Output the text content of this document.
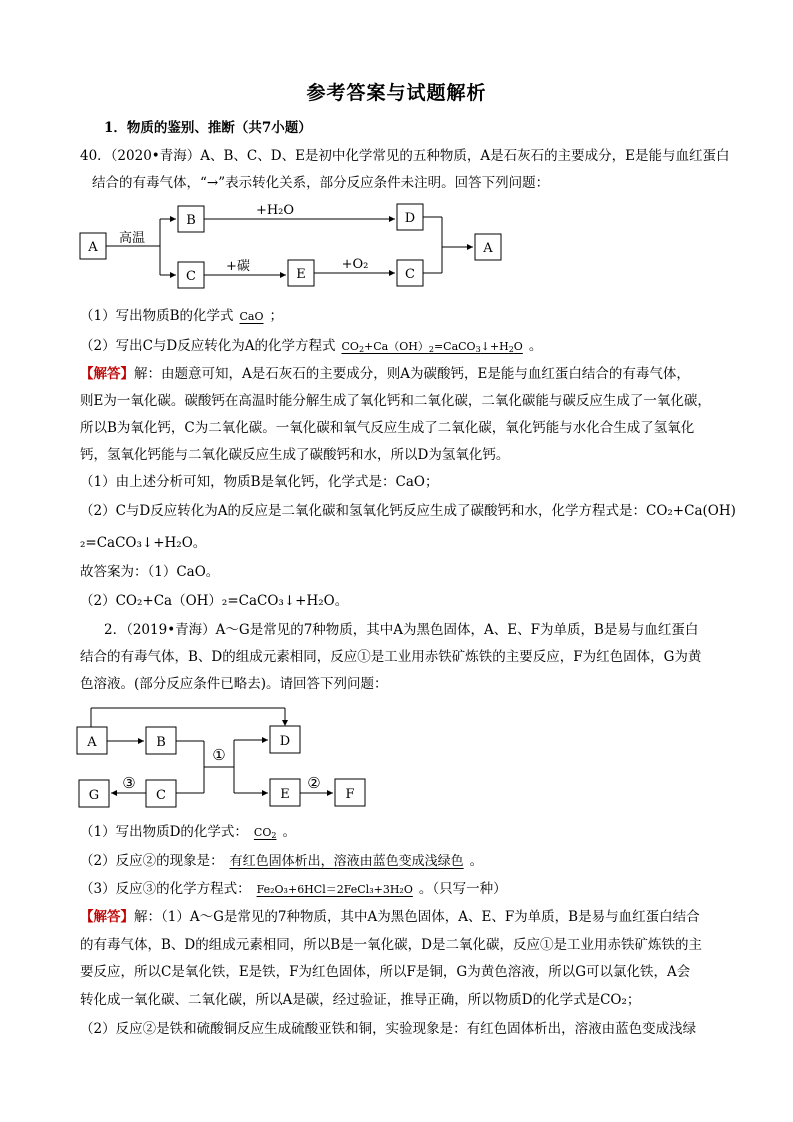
参考答案与试题解析
1．物质的鉴别、推断（共7小题）
40．（2020•青海）A、B、C、D、E是初中化学常见的五种物质，A是石灰石的主要成分，E是能与血红蛋白
结合的有毒气体，“→”表示转化关系，部分反应条件未注明。回答下列问题：
A
B
C	E
D
C
A
高温
+H₂O
+碳	+O₂
（1）写出物质B的化学式 CaO ；
（2）写出C与D反应转化为A的化学方程式 $CO_2+Ca(OH)_2=CaCO_3↓+H_2O$ 。
【解答】解：由题意可知，A是石灰石的主要成分，则A为碳酸钙，E是能与血红蛋白结合的有毒气体，
则E为一氧化碳。碳酸钙在高温时能分解生成了氧化钙和二氧化碳，二氧化碳能与碳反应生成了一氧化碳，
所以B为氧化钙，C为二氧化碳。一氧化碳和氧气反应生成了二氧化碳，氧化钙能与水化合生成了氢氧化
钙，氢氧化钙能与二氧化碳反应生成了碳酸钙和水，所以D为氢氧化钙。
（1）由上述分析可知，物质B是氧化钙，化学式是：CaO；
（2）C与D反应转化为A的反应是二氧化碳和氢氧化钙反应生成了碳酸钙和水，化学方程式是：CO₂+Ca(OH)
₂=CaCO₃↓+H₂O。
故答案为：（1）CaO。
（2）CO₂+Ca（OH）₂=CaCO₃↓+H₂O。
2．（2019•青海）A～G是常见的7种物质，其中A为黑色固体，A、E、F为单质，B是易与血红蛋白
结合的有毒气体，B、D的组成元素相同，反应①是工业用赤铁矿炼铁的主要反应，F为红色固体，G为黄
色溶液。(部分反应条件已略去)。请回答下列问题：
A	B	D
G	C	E	F
①
②
③
（1）写出物质D的化学式： $CO_2$ 。
（2）反应②的现象是： 有红色固体析出，溶液由蓝色变成浅绿色 。
（3）反应③的化学方程式： Fe₂O₃+6HCl＝2FeCl₃+3H₂O 。（只写一种）
【解答】解：（1）A～G是常见的7种物质，其中A为黑色固体，A、E、F为单质，B是易与血红蛋白结合
的有毒气体，B、D的组成元素相同，所以B是一氧化碳，D是二氧化碳，反应①是工业用赤铁矿炼铁的主
要反应，所以C是氧化铁，E是铁，F为红色固体，所以F是铜，G为黄色溶液，所以G可以氯化铁，A会
转化成一氧化碳、二氧化碳，所以A是碳，经过验证，推导正确，所以物质D的化学式是CO₂；
（2）反应②是铁和硫酸铜反应生成硫酸亚铁和铜，实验现象是：有红色固体析出，溶液由蓝色变成浅绿
